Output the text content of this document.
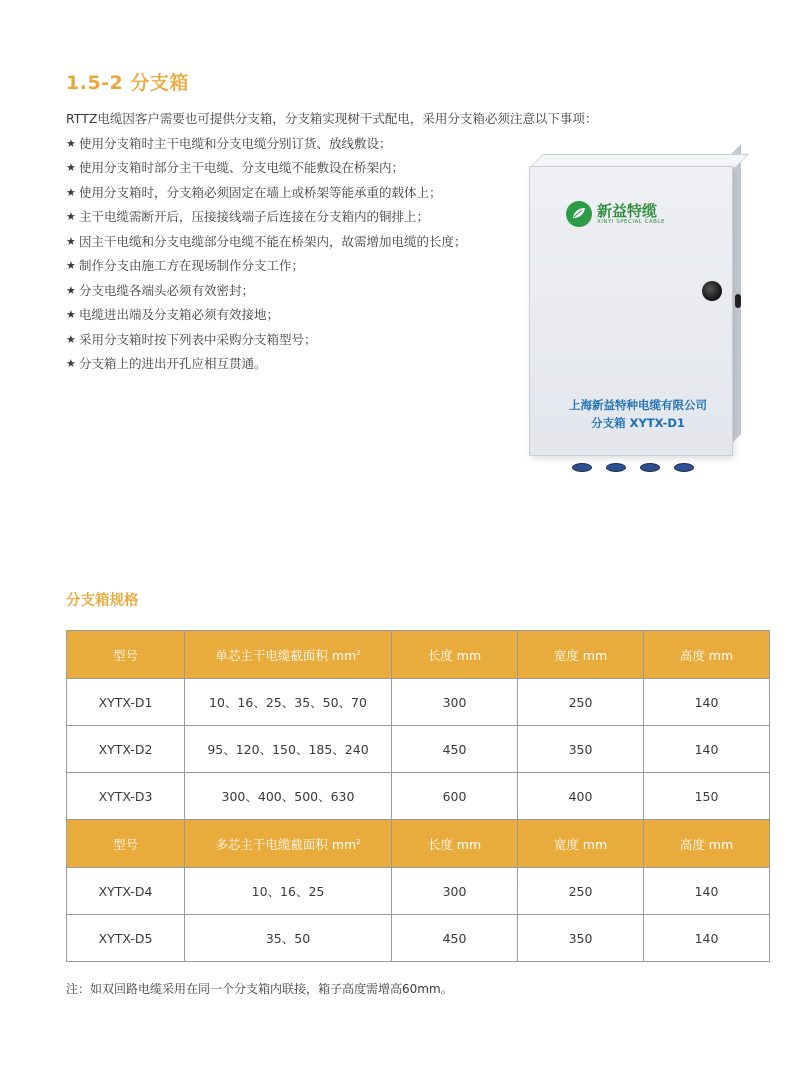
1.5-2 分支箱
RTTZ电缆因客户需要也可提供分支箱，分支箱实现树干式配电，采用分支箱必须注意以下事项：
★ 使用分支箱时主干电缆和分支电缆分别订货、放线敷设；
★ 使用分支箱时部分主干电缆、分支电缆不能敷设在桥架内；
★ 使用分支箱时，分支箱必须固定在墙上或桥架等能承重的载体上；
★ 主干电缆需断开后，压接接线端子后连接在分支箱内的铜排上；
★ 因主干电缆和分支电缆部分电缆不能在桥架内，故需增加电缆的长度；
★ 制作分支由施工方在现场制作分支工作；
★ 分支电缆各端头必须有效密封；
★ 电缆进出端及分支箱必须有效接地；
★ 采用分支箱时按下列表中采购分支箱型号；
★ 分支箱上的进出开孔应相互贯通。
新益特缆
XINYI SPECIAL CABLE
上海新益特种电缆有限公司
分支箱 XYTX-D1
分支箱规格
型号	单芯主干电缆截面积 $mm^2$	长度 mm	宽度 mm	高度 mm
XYTX-D1	10、16、25、35、50、70	300	250	140
XYTX-D2	95、120、150、185、240	450	350	140
XYTX-D3	300、400、500、630	600	400	150
型号	多芯主干电缆截面积 $mm^2$	长度 mm	宽度 mm	高度 mm
XYTX-D4	10、16、25	300	250	140
XYTX-D5	35、50	450	350	140

注：如双回路电缆采用在同一个分支箱内联接，箱子高度需增高60mm。
